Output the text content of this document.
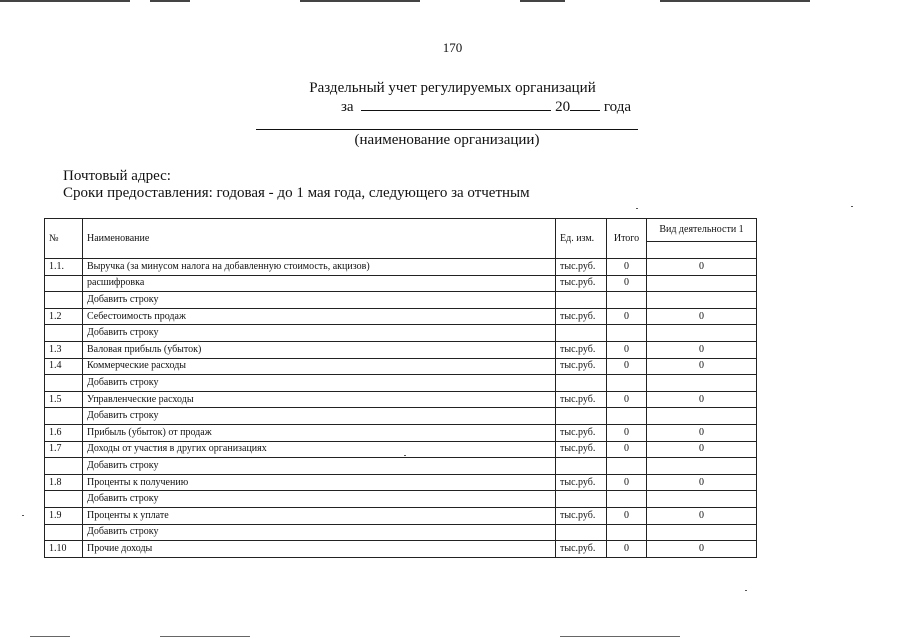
170
Раздельный учет регулируемых организаций
за	20 года
(наименование организации)
Почтовый адрес:
Сроки предоставления: годовая - до 1 мая года, следующего за отчетным
№	Наименование	Ед. изм.	Итого	Вид деятельности 1

1.1.	Выручка (за минусом налога на добавленную стоимость, акцизов)	тыс.руб.	0	0
	расшифровка	тыс.руб.	0	
	Добавить строку			
1.2	Себестоимость продаж	тыс.руб.	0	0
	Добавить строку			
1.3	Валовая прибыль (убыток)	тыс.руб.	0	0
1.4	Коммерческие расходы	тыс.руб.	0	0
	Добавить строку			
1.5	Управленческие расходы	тыс.руб.	0	0
	Добавить строку			
1.6	Прибыль (убыток) от продаж	тыс.руб.	0	0
1.7	Доходы от участия в других организациях	тыс.руб.	0	0
	Добавить строку			
1.8	Проценты к получению	тыс.руб.	0	0
	Добавить строку			
1.9	Проценты к уплате	тыс.руб.	0	0
	Добавить строку			
1.10	Прочие доходы	тыс.руб.	0	0
